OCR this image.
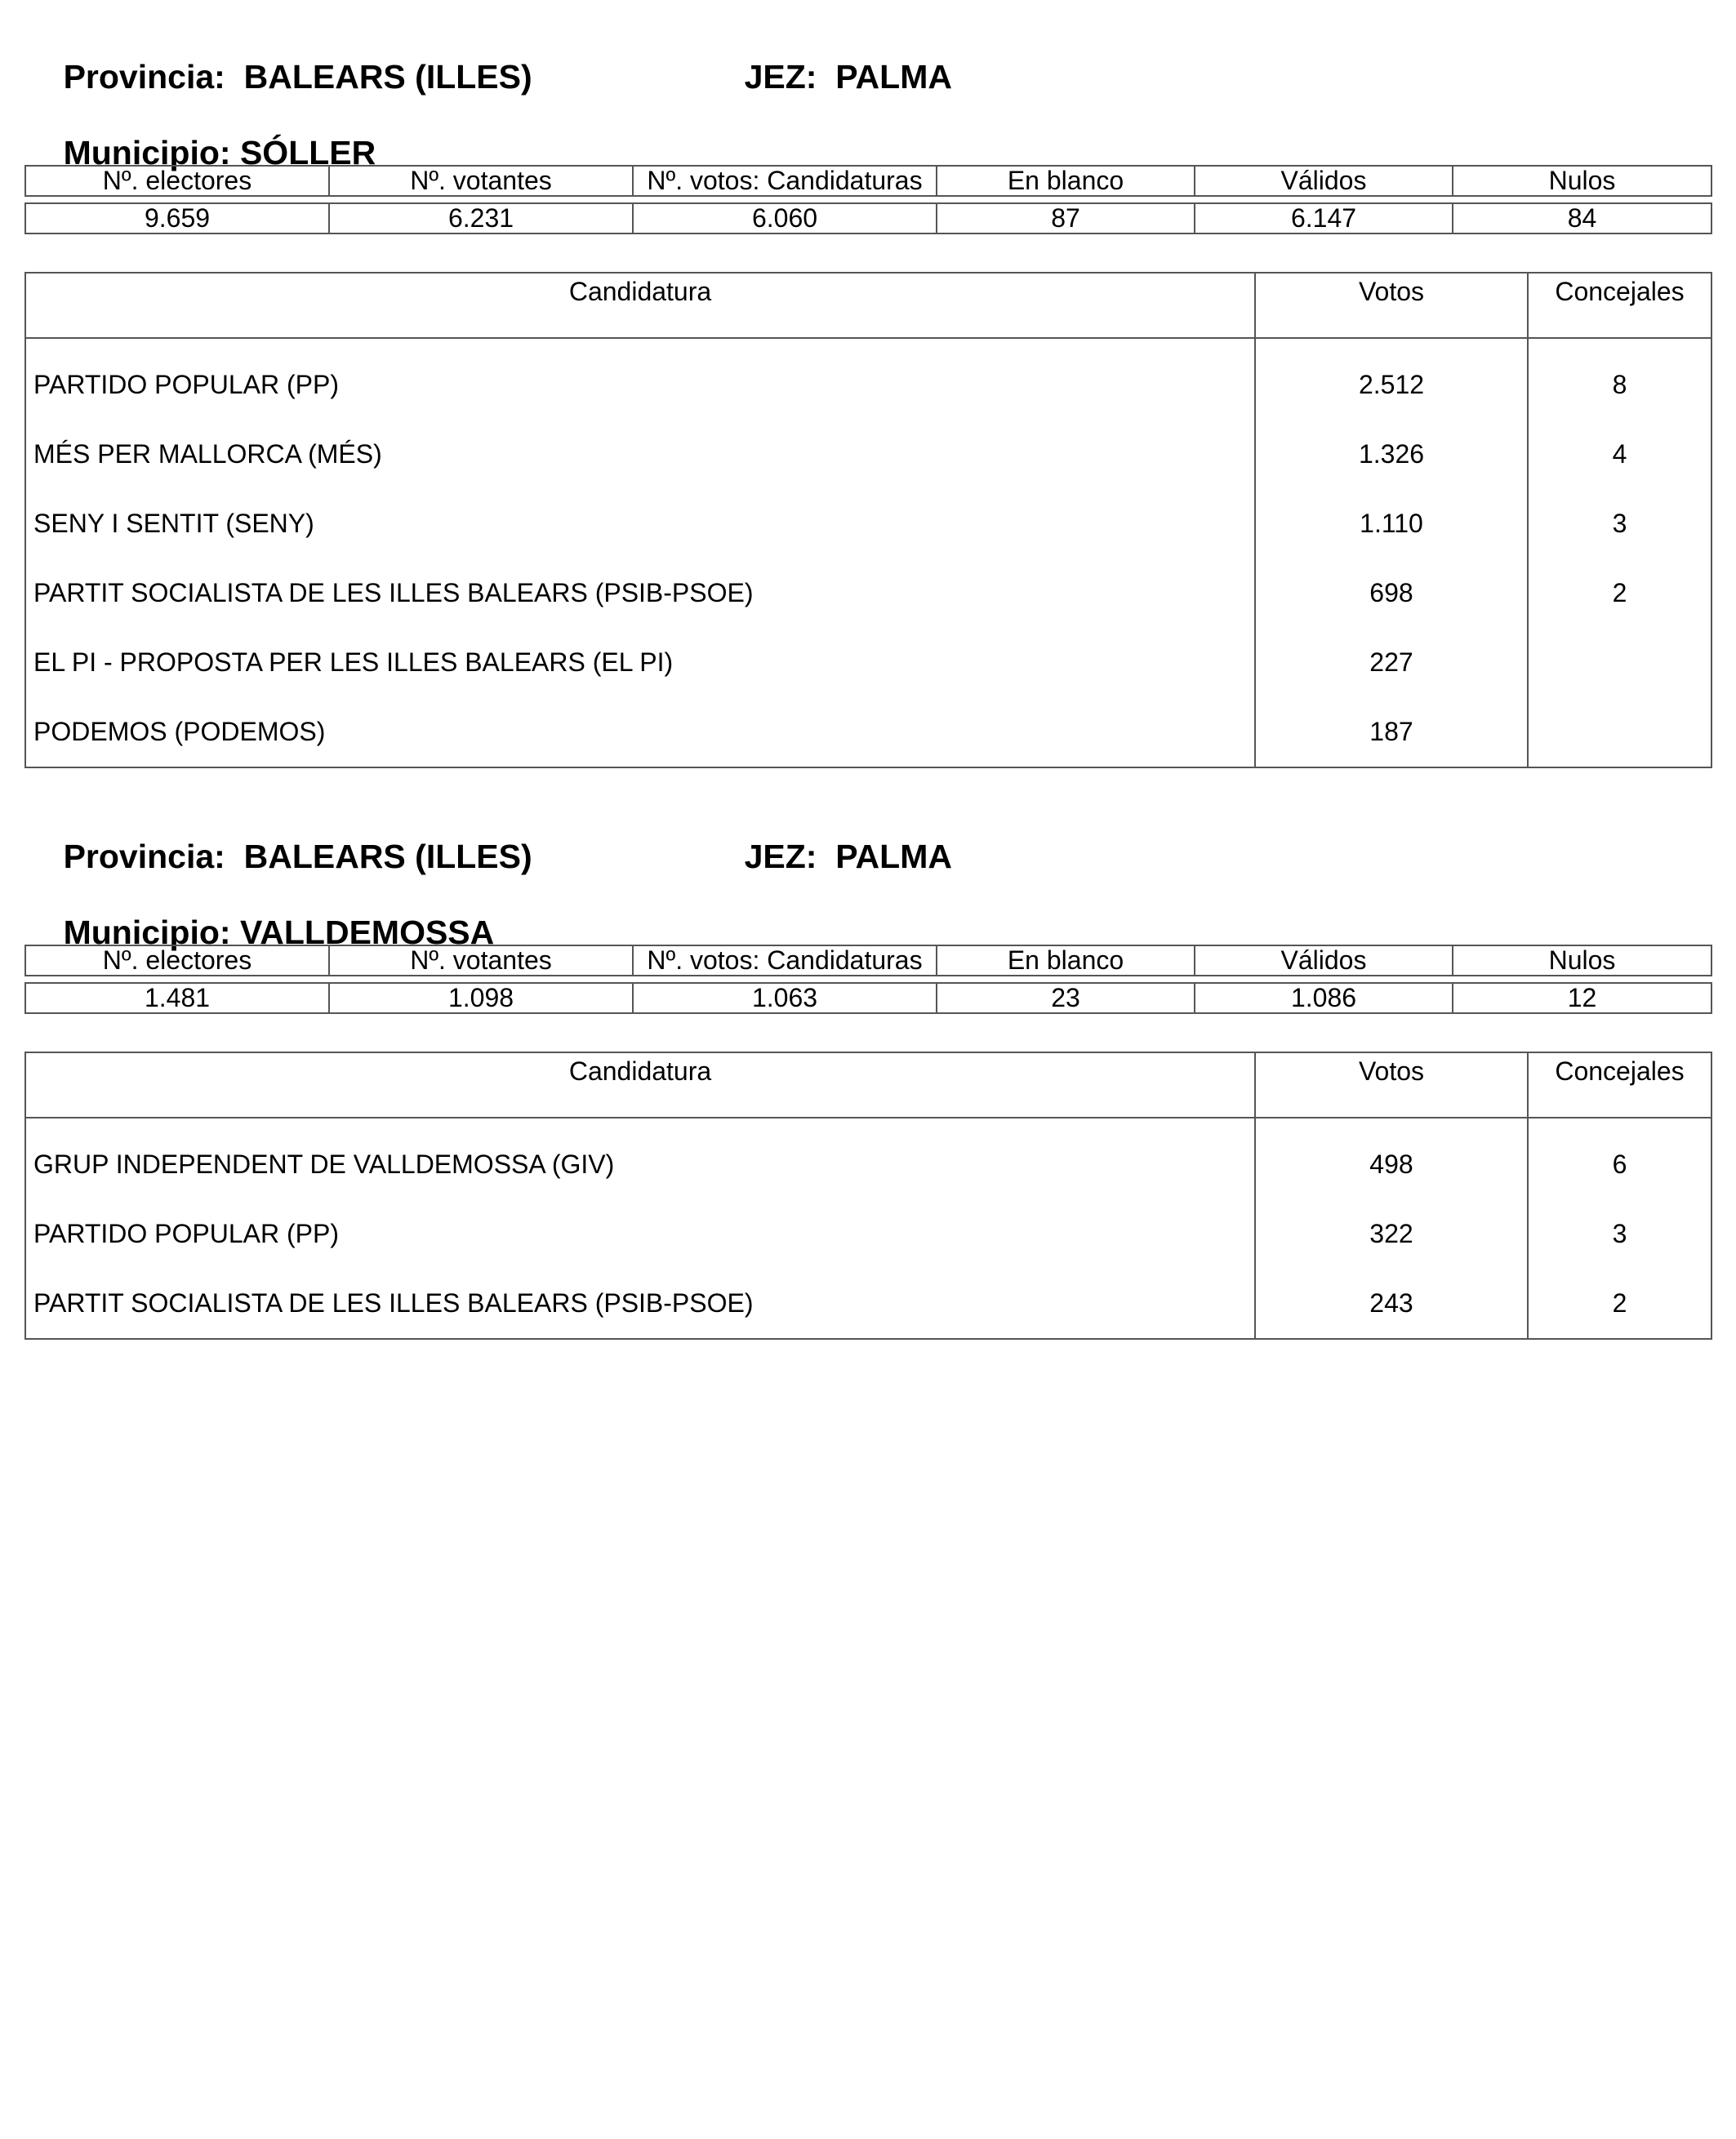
Provincia: BALEARS (ILLES)
	JEZ: PALMA

Municipio: SÓLLER

Nº. electores	Nº. votantes	Nº. votos: Candidaturas	En blanco	Válidos	Nulos

9.659	6.231	6.060	87	6.147	84
Candidatura	Votos	Concejales
PARTIDO POPULAR (PP)	2.512	8
MÉS PER MALLORCA (MÉS)	1.326	4
SENY I SENTIT (SENY)	1.110	3
PARTIT SOCIALISTA DE LES ILLES BALEARS (PSIB-PSOE)	698	2
EL PI - PROPOSTA PER LES ILLES BALEARS (EL PI)	227	
PODEMOS (PODEMOS)	187	

Provincia: BALEARS (ILLES)
	JEZ: PALMA

Municipio: VALLDEMOSSA

Nº. electores	Nº. votantes	Nº. votos: Candidaturas	En blanco	Válidos	Nulos

1.481	1.098	1.063	23	1.086	12
Candidatura	Votos	Concejales
GRUP INDEPENDENT DE VALLDEMOSSA (GIV)	498	6
PARTIDO POPULAR (PP)	322	3
PARTIT SOCIALISTA DE LES ILLES BALEARS (PSIB-PSOE)	243	2
